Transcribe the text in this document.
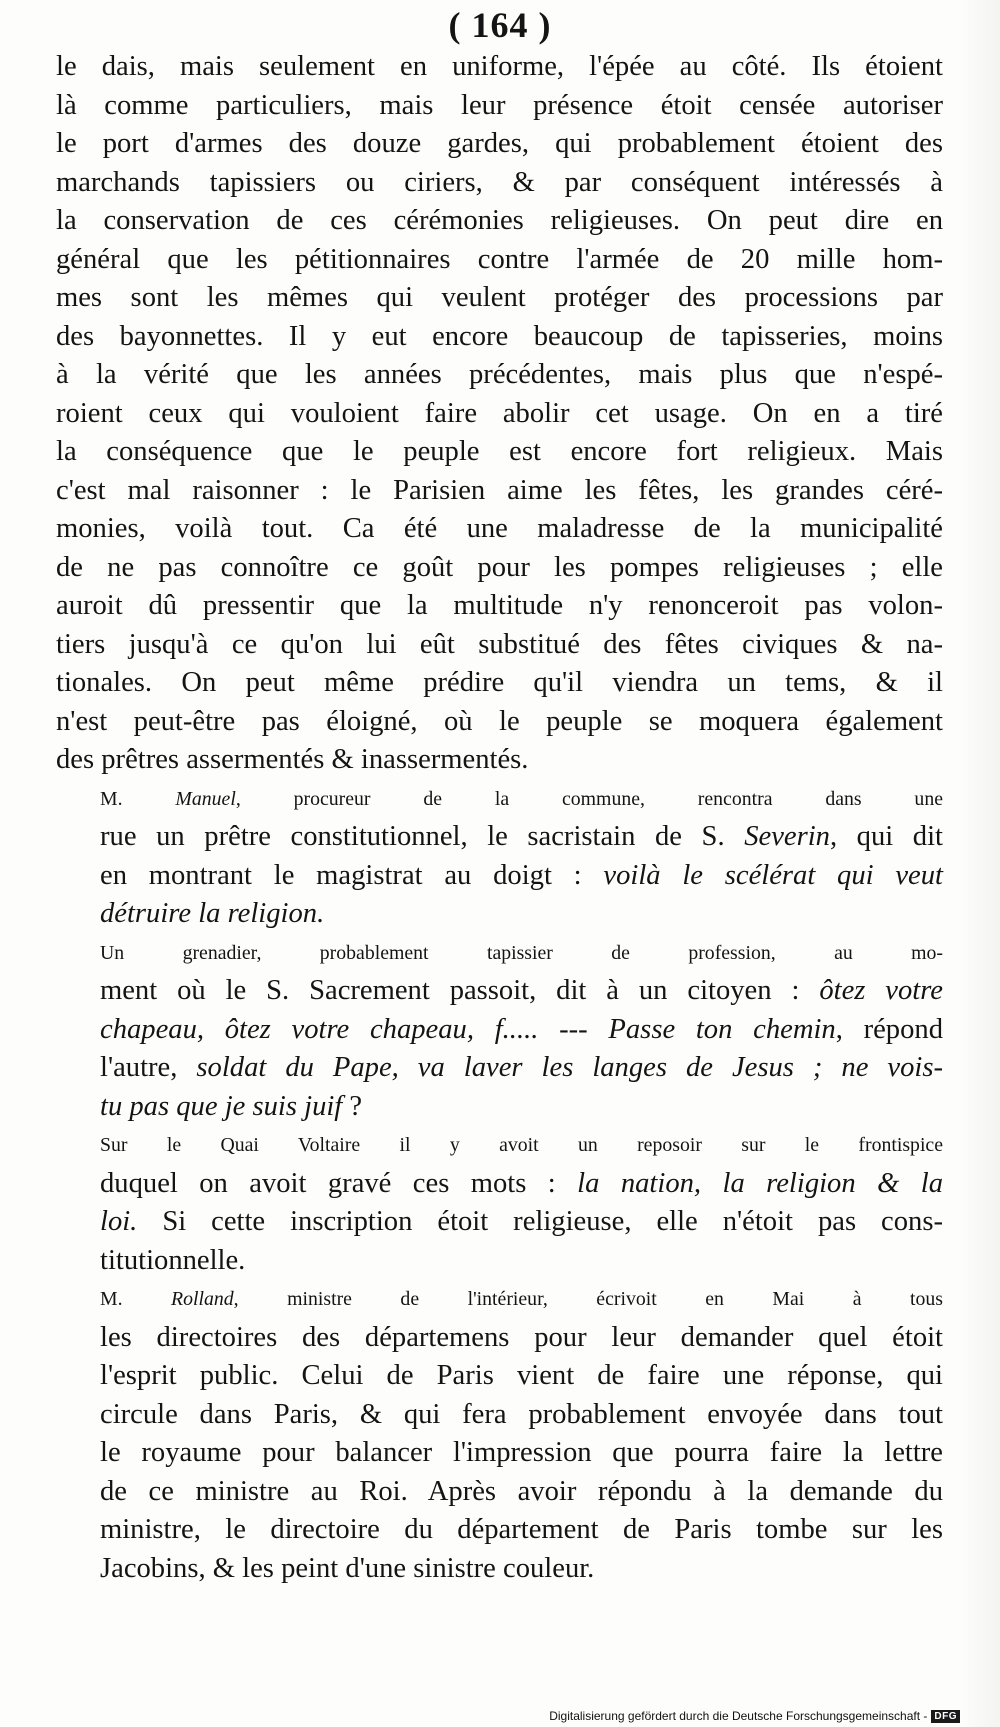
( 164 )

le dais, mais seulement en uniforme, l'épée au côté. Ils étoient
là comme particuliers, mais leur présence étoit censée autoriser
le port d'armes des douze gardes, qui probablement étoient des
marchands tapissiers ou ciriers, & par conséquent intéressés à
la conservation de ces cérémonies religieuses. On peut dire en
général que les pétitionnaires contre l'armée de 20 mille hom-
mes sont les mêmes qui veulent protéger des processions par
des bayonnettes. Il y eut encore beaucoup de tapisseries, moins
à la vérité que les années précédentes, mais plus que n'espé-
roient ceux qui vouloient faire abolir cet usage. On en a tiré
la conséquence que le peuple est encore fort religieux. Mais
c'est mal raisonner : le Parisien aime les fêtes, les grandes céré-
monies, voilà tout. Ca été une maladresse de la municipalité
de ne pas connoître ce goût pour les pompes religieuses ; elle
auroit dû pressentir que la multitude n'y renonceroit pas volon-
tiers jusqu'à ce qu'on lui eût substitué des fêtes civiques & na-
tionales. On peut même prédire qu'il viendra un tems, & il
n'est peut-être pas éloigné, où le peuple se moquera également
des prêtres assermentés & inassermentés.

M. Manuel, procureur de la commune, rencontra dans une
rue un prêtre constitutionnel, le sacristain de S. Severin, qui dit
en montrant le magistrat au doigt : voilà le scélérat qui veut
détruire la religion.

Un grenadier, probablement tapissier de profession, au mo-
ment où le S. Sacrement passoit, dit à un citoyen : ôtez votre
chapeau, ôtez votre chapeau, f..... --- Passe ton chemin, répond
l'autre, soldat du Pape, va laver les langes de Jesus ; ne vois-
tu pas que je suis juif ?

Sur le Quai Voltaire il y avoit un reposoir sur le frontispice
duquel on avoit gravé ces mots : la nation, la religion & la
loi. Si cette inscription étoit religieuse, elle n'étoit pas cons-
titutionnelle.

M. Rolland, ministre de l'intérieur, écrivoit en Mai à tous
les directoires des départemens pour leur demander quel étoit
l'esprit public. Celui de Paris vient de faire une réponse, qui
circule dans Paris, & qui fera probablement envoyée dans tout
le royaume pour balancer l'impression que pourra faire la lettre
de ce ministre au Roi. Après avoir répondu à la demande du
ministre, le directoire du département de Paris tombe sur les
Jacobins, & les peint d'une sinistre couleur.

Digitalisierung gefördert durch die Deutsche Forschungsgemeinschaft - DFG
